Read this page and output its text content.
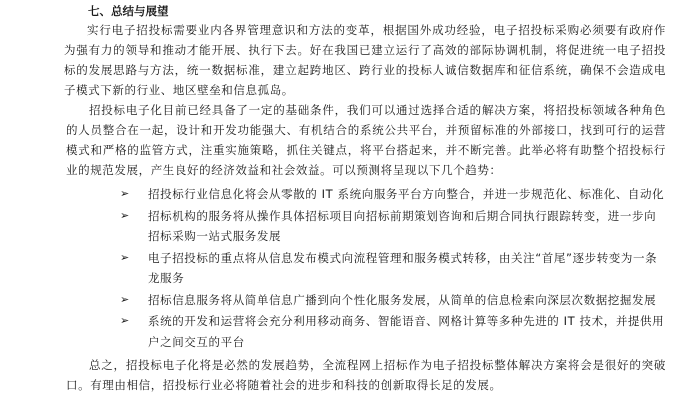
七、总结与展望

实行电子招投标需要业内各界管理意识和方法的变革，根据国外成功经验，电子招投标采购必须要有政府作为强有力的领导和推动才能开展、执行下去。好在我国已建立运行了高效的部际协调机制，将促进统一电子招投标的发展思路与方法，统一数据标准，建立起跨地区、跨行业的投标人诚信数据库和征信系统，确保不会造成电子模式下新的行业、地区壁垒和信息孤岛。

招投标电子化目前已经具备了一定的基础条件，我们可以通过选择合适的解决方案，将招投标领域各种角色的人员整合在一起，设计和开发功能强大、有机结合的系统公共平台，并预留标准的外部接口，找到可行的运营模式和严格的监管方式，注重实施策略，抓住关键点，将平台搭起来，并不断完善。此举必将有助整个招投标行业的规范发展，产生良好的经济效益和社会效益。可以预测将呈现以下几个趋势：

➢ 招投标行业信息化将会从零散的 IT 系统向服务平台方向整合，并进一步规范化、标准化、自动化
➢ 招标机构的服务将从操作具体招标项目向招标前期策划咨询和后期合同执行跟踪转变，进一步向招标采购一站式服务发展
➢ 电子招投标的重点将从信息发布模式向流程管理和服务模式转移，由关注“首尾”逐步转变为一条龙服务
➢ 招标信息服务将从简单信息广播到向个性化服务发展，从简单的信息检索向深层次数据挖掘发展
➢ 系统的开发和运营将会充分利用移动商务、智能语音、网格计算等多种先进的 IT 技术，并提供用户之间交互的平台

总之，招投标电子化将是必然的发展趋势，全流程网上招标作为电子招投标整体解决方案将会是很好的突破口。有理由相信，招投标行业必将随着社会的进步和科技的创新取得长足的发展。
